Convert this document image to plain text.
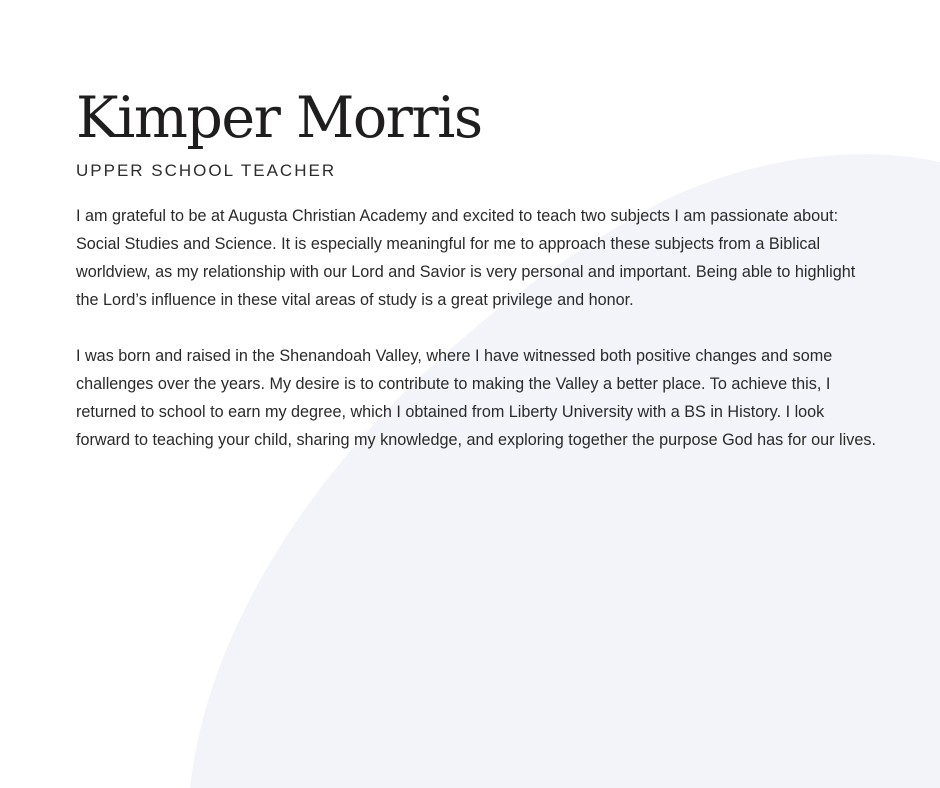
Kimper Morris
UPPER SCHOOL TEACHER

I am grateful to be at Augusta Christian Academy and excited to teach two subjects I am passionate about: Social Studies and Science. It is especially meaningful for me to approach these subjects from a Biblical worldview, as my relationship with our Lord and Savior is very personal and important. Being able to highlight the Lord’s influence in these vital areas of study is a great privilege and honor.

I was born and raised in the Shenandoah Valley, where I have witnessed both positive changes and some challenges over the years. My desire is to contribute to making the Valley a better place. To achieve this, I returned to school to earn my degree, which I obtained from Liberty University with a BS in History. I look forward to teaching your child, sharing my knowledge, and exploring together the purpose God has for our lives.
